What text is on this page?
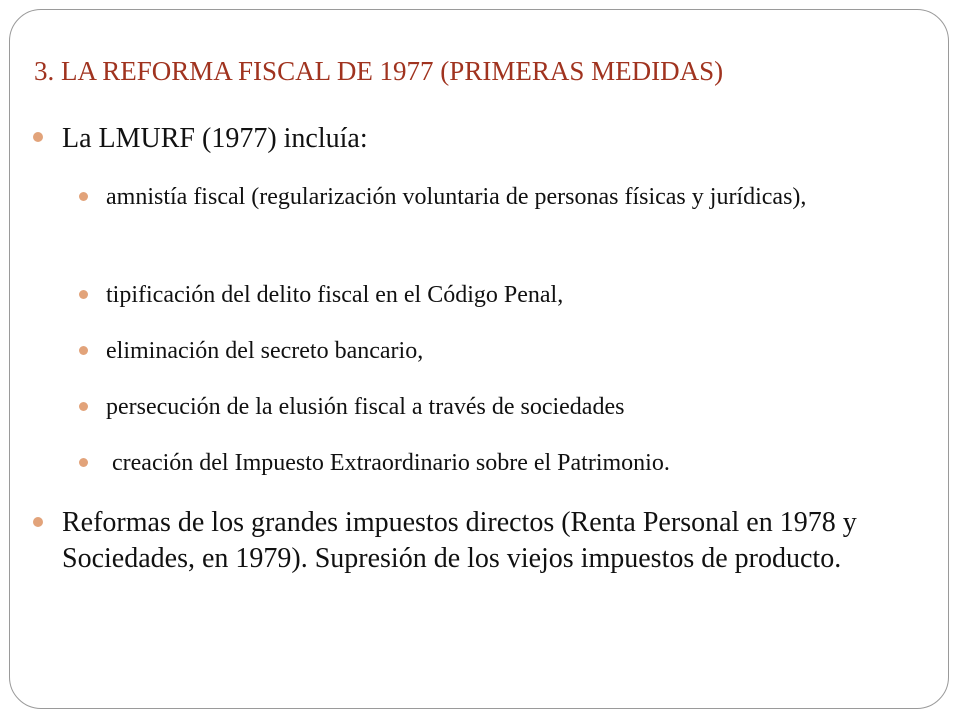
3. LA REFORMA FISCAL DE 1977 (PRIMERAS MEDIDAS)
La LMURF (1977) incluía:
amnistía fiscal (regularización voluntaria de personas físicas y jurídicas),
tipificación del delito fiscal en el Código Penal,
eliminación del secreto bancario,
persecución de la elusión fiscal a través de sociedades
creación del Impuesto Extraordinario sobre el Patrimonio.
Reformas de los grandes impuestos directos (Renta Personal en 1978 y Sociedades, en 1979). Supresión de los viejos impuestos de producto.
